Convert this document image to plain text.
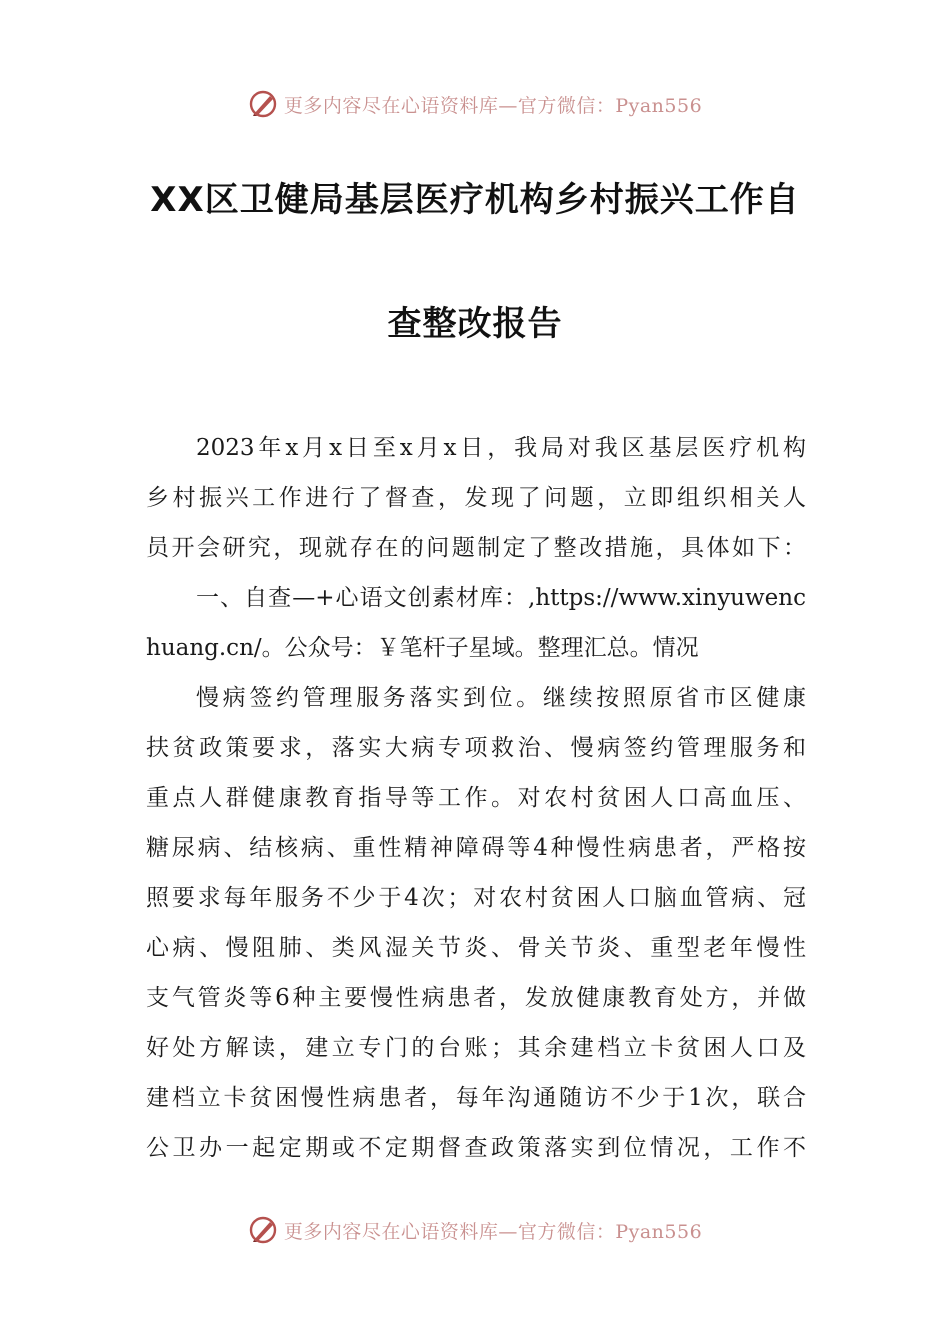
更多内容尽在心语资料库—官方微信：Pyan556
XX区卫健局基层医疗机构乡村振兴工作自
查整改报告
2023年x月x日至x月x日，我局对我区基层医疗机构
乡村振兴工作进行了督查，发现了问题，立即组织相关人
员开会研究，现就存在的问题制定了整改措施，具体如下：
一、自查—+心语文创素材库：,https://www.xinyuwenc
huang.cn/。公众号：￥笔杆子星域。整理汇总。情况
慢病签约管理服务落实到位。继续按照原省市区健康
扶贫政策要求，落实大病专项救治、慢病签约管理服务和
重点人群健康教育指导等工作。对农村贫困人口高血压、
糖尿病、结核病、重性精神障碍等4种慢性病患者，严格按
照要求每年服务不少于4次；对农村贫困人口脑血管病、冠
心病、慢阻肺、类风湿关节炎、骨关节炎、重型老年慢性
支气管炎等6种主要慢性病患者，发放健康教育处方，并做
好处方解读，建立专门的台账；其余建档立卡贫困人口及
建档立卡贫困慢性病患者，每年沟通随访不少于1次，联合
公卫办一起定期或不定期督查政策落实到位情况，工作不
更多内容尽在心语资料库—官方微信：Pyan556
